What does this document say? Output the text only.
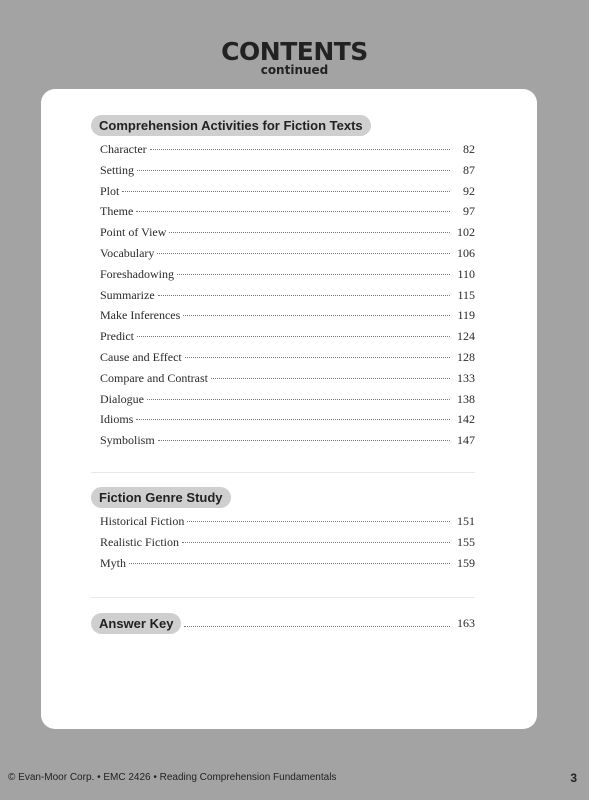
CONTENTS
continued
Comprehension Activities for Fiction Texts
Character	82
Setting	87
Plot	92
Theme	97
Point of View	102
Vocabulary	106
Foreshadowing	110
Summarize	115
Make Inferences	119
Predict	124
Cause and Effect	128
Compare and Contrast	133
Dialogue	138
Idioms	142
Symbolism	147
Fiction Genre Study
Historical Fiction	151
Realistic Fiction	155
Myth	159
Answer Key	163
© Evan-Moor Corp. • EMC 2426 • Reading Comprehension Fundamentals	3
